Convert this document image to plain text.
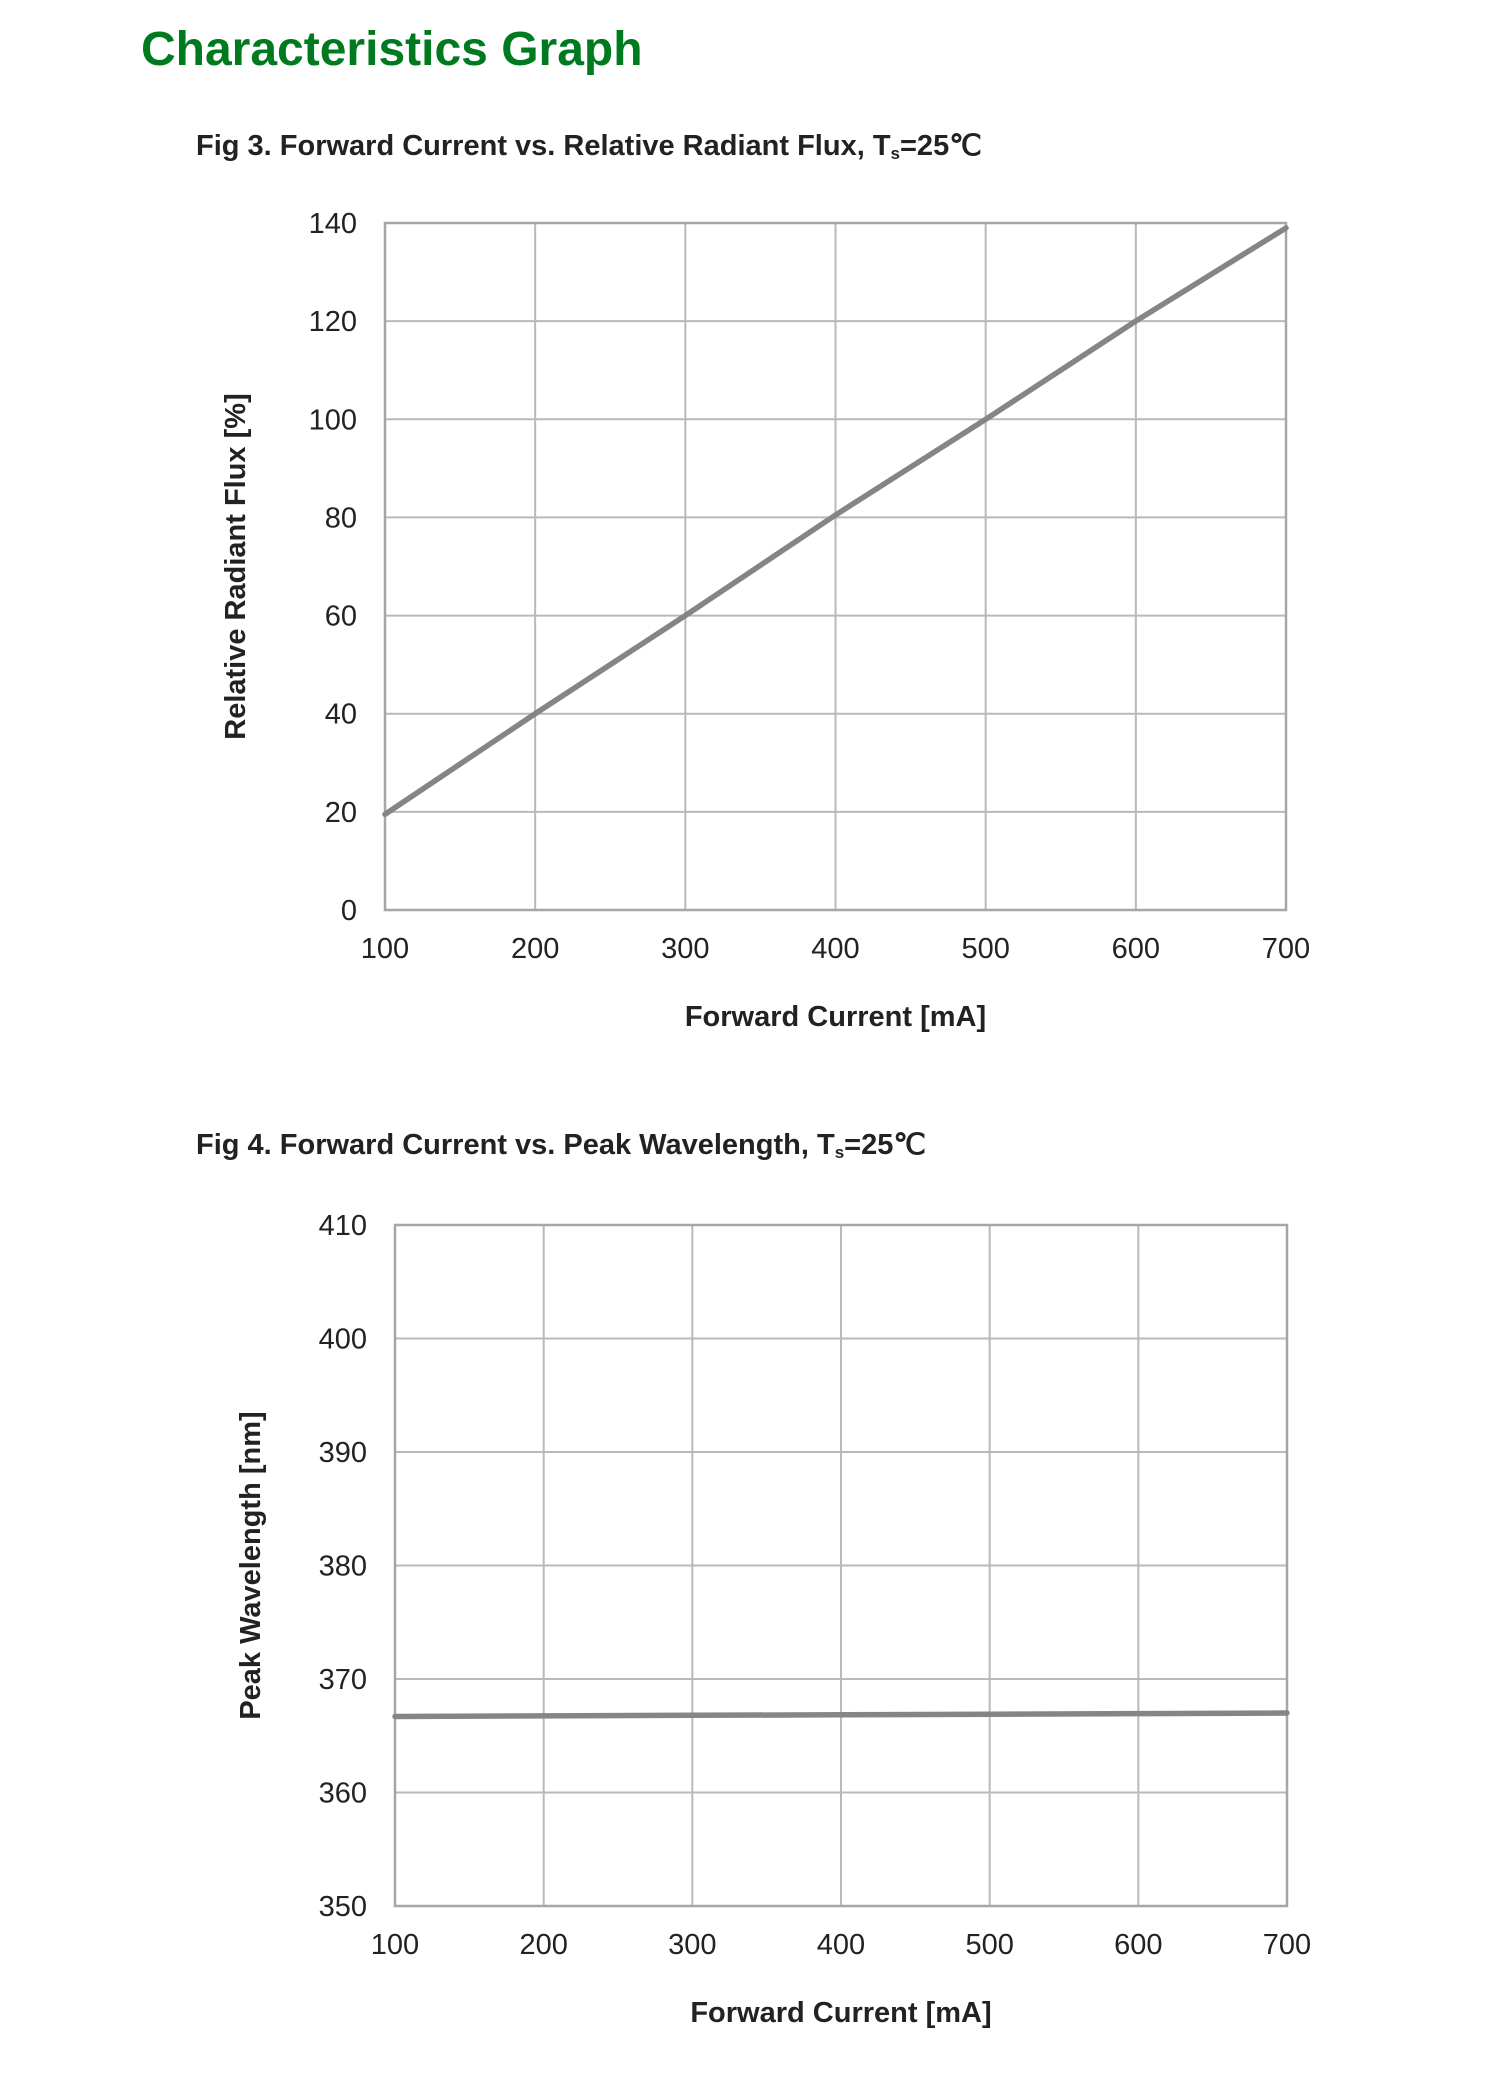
Characteristics Graph
Fig 3. Forward Current vs. Relative Radiant Flux, $T_s=25℃$
0
20
40
60
80
100
120
140
100	200	300	400	500	600	700
Forward Current [mA]
Relative Radiant Flux [%]
Fig 4. Forward Current vs. Peak Wavelength, $T_s=25℃$
350
360
370
380
390
400
410
100	200	300	400	500	600	700
Forward Current [mA]
Peak Wavelength [nm]
